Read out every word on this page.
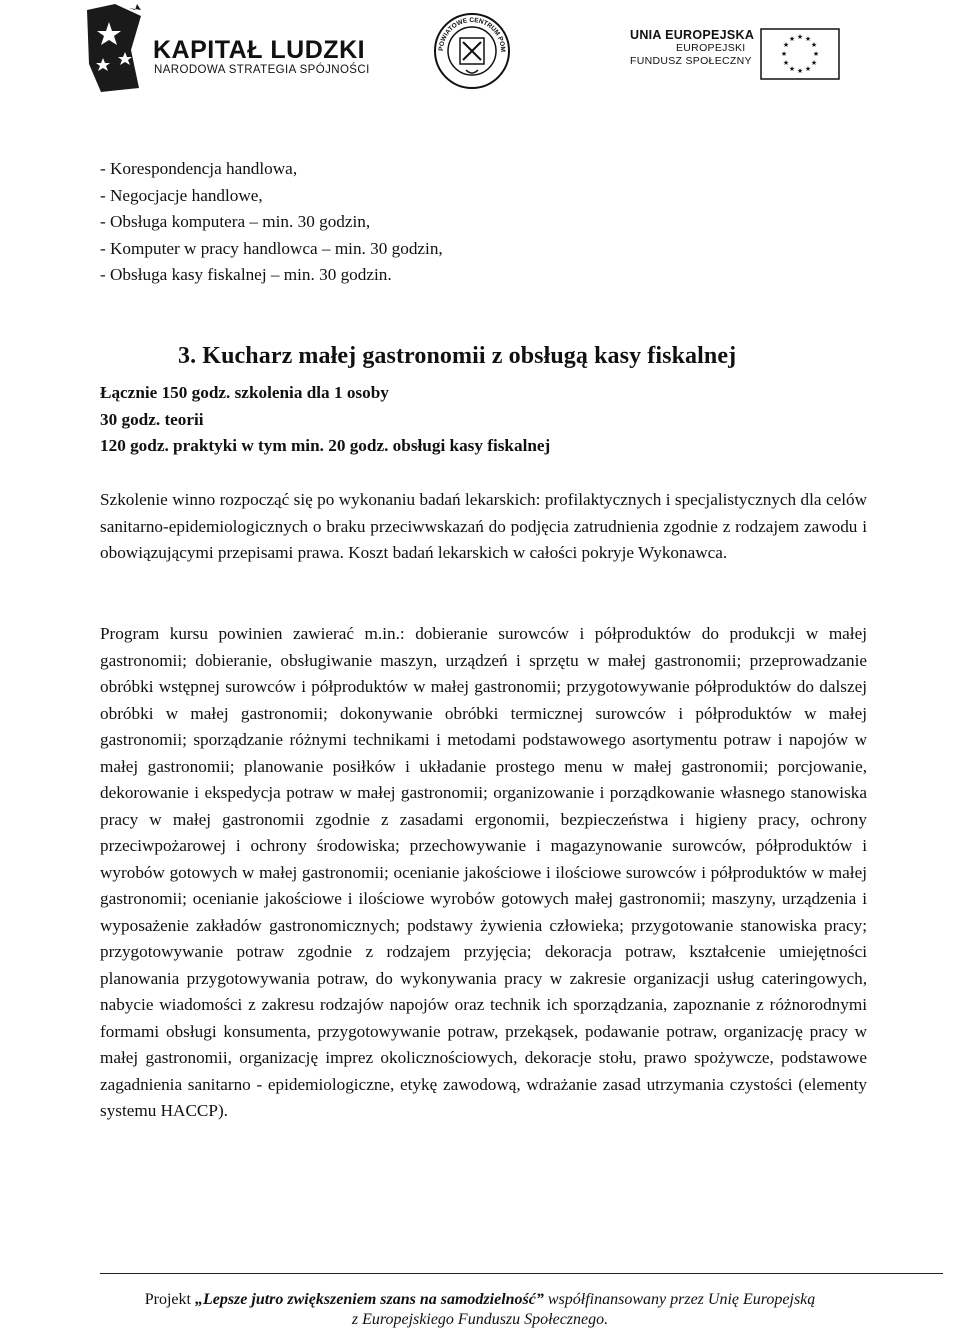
KAPITAŁ LUDZKI
NARODOWA STRATEGIA SPÓJNOŚCI
POWIATOWE CENTRUM POM
UNIA EUROPEJSKA
EUROPEJSKI
FUNDUSZ SPOŁECZNY
★ ★
★
★
★
★
★
★
★
★
★
★
- Korespondencja handlowa,
- Negocjacje handlowe,
- Obsługa komputera – min. 30 godzin,
- Komputer w pracy handlowca – min. 30 godzin,
- Obsługa kasy fiskalnej – min. 30 godzin.
3. Kucharz małej gastronomii z obsługą kasy fiskalnej
Łącznie 150 godz. szkolenia dla 1 osoby
30 godz. teorii
120 godz. praktyki w tym min. 20 godz. obsługi kasy fiskalnej
Szkolenie winno rozpocząć się po wykonaniu badań lekarskich: profilaktycznych i specjalistycznych dla celów sanitarno-epidemiologicznych o braku przeciwwskazań do podjęcia zatrudnienia zgodnie z rodzajem zawodu i obowiązującymi przepisami prawa. Koszt badań lekarskich w całości pokryje Wykonawca.
Program kursu powinien zawierać m.in.: dobieranie surowców i półproduktów do produkcji w małej gastronomii; dobieranie, obsługiwanie maszyn, urządzeń i sprzętu w małej gastronomii; przeprowadzanie obróbki wstępnej surowców i półproduktów w małej gastronomii; przygotowywanie półproduktów do dalszej obróbki w małej gastronomii; dokonywanie obróbki termicznej surowców i półproduktów w małej gastronomii; sporządzanie różnymi technikami i metodami podstawowego asortymentu potraw i napojów w małej gastronomii; planowanie posiłków i układanie prostego menu w małej gastronomii; porcjowanie, dekorowanie i ekspedycja potraw w małej gastronomii; organizowanie i porządkowanie własnego stanowiska pracy w małej gastronomii zgodnie z zasadami ergonomii, bezpieczeństwa i higieny pracy, ochrony przeciwpożarowej i ochrony środowiska; przechowywanie i magazynowanie surowców, półproduktów i wyrobów gotowych w małej gastronomii; ocenianie jakościowe i ilościowe surowców i półproduktów w małej gastronomii; ocenianie jakościowe i ilościowe wyrobów gotowych małej gastronomii; maszyny, urządzenia i wyposażenie zakładów gastronomicznych; podstawy żywienia człowieka; przygotowanie stanowiska pracy; przygotowywanie potraw zgodnie z rodzajem przyjęcia; dekoracja potraw, kształcenie umiejętności planowania przygotowywania potraw, do wykonywania pracy w zakresie organizacji usług cateringowych, nabycie wiadomości z zakresu rodzajów napojów oraz technik ich sporządzania, zapoznanie z różnorodnymi formami obsługi konsumenta, przygotowywanie potraw, przekąsek, podawanie potraw, organizację pracy w małej gastronomii, organizację imprez okolicznościowych, dekoracje stołu, prawo spożywcze, podstawowe zagadnienia sanitarno - epidemiologiczne, etykę zawodową, wdrażanie zasad utrzymania czystości (elementy systemu HACCP).
Projekt „Lepsze jutro zwiększeniem szans na samodzielność” współfinansowany przez Unię Europejską
z Europejskiego Funduszu Społecznego.
